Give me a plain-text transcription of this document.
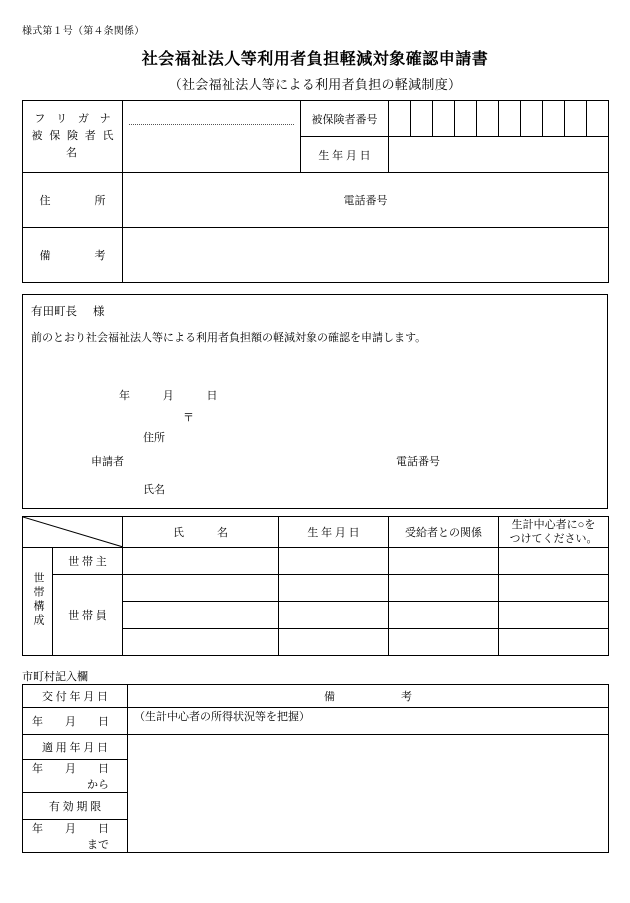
様式第１号（第４条関係）
社会福祉法人等利用者負担軽減対象確認申請書
（社会福祉法人等による利用者負担の軽減制度）
フ リ ガ ナ
被 保 険 者 氏 名		被保険者番号										
		生 年 月 日										
住　　　　所	電話番号											

備　　　　考												
有田町長 様
前のとおり社会福祉法人等による利用者負担額の軽減対象の確認を申請します。
年	月	日
〒
住所
申請者	電話番号
氏名
	氏　　　名	生 年 月 日	受給者との関係	生計中心者に○を
つけてください。

世帯構成	世 帯 主				
	世 帯 員				

市町村記入欄
交 付 年 月 日	備　　　　　　考
年　　月　　日	（生計中心者の所得状況等を把握）
適 用 年 月 日	

年　　月　　日
から	

有 効 期 限	

年　　月　　日
まで	
